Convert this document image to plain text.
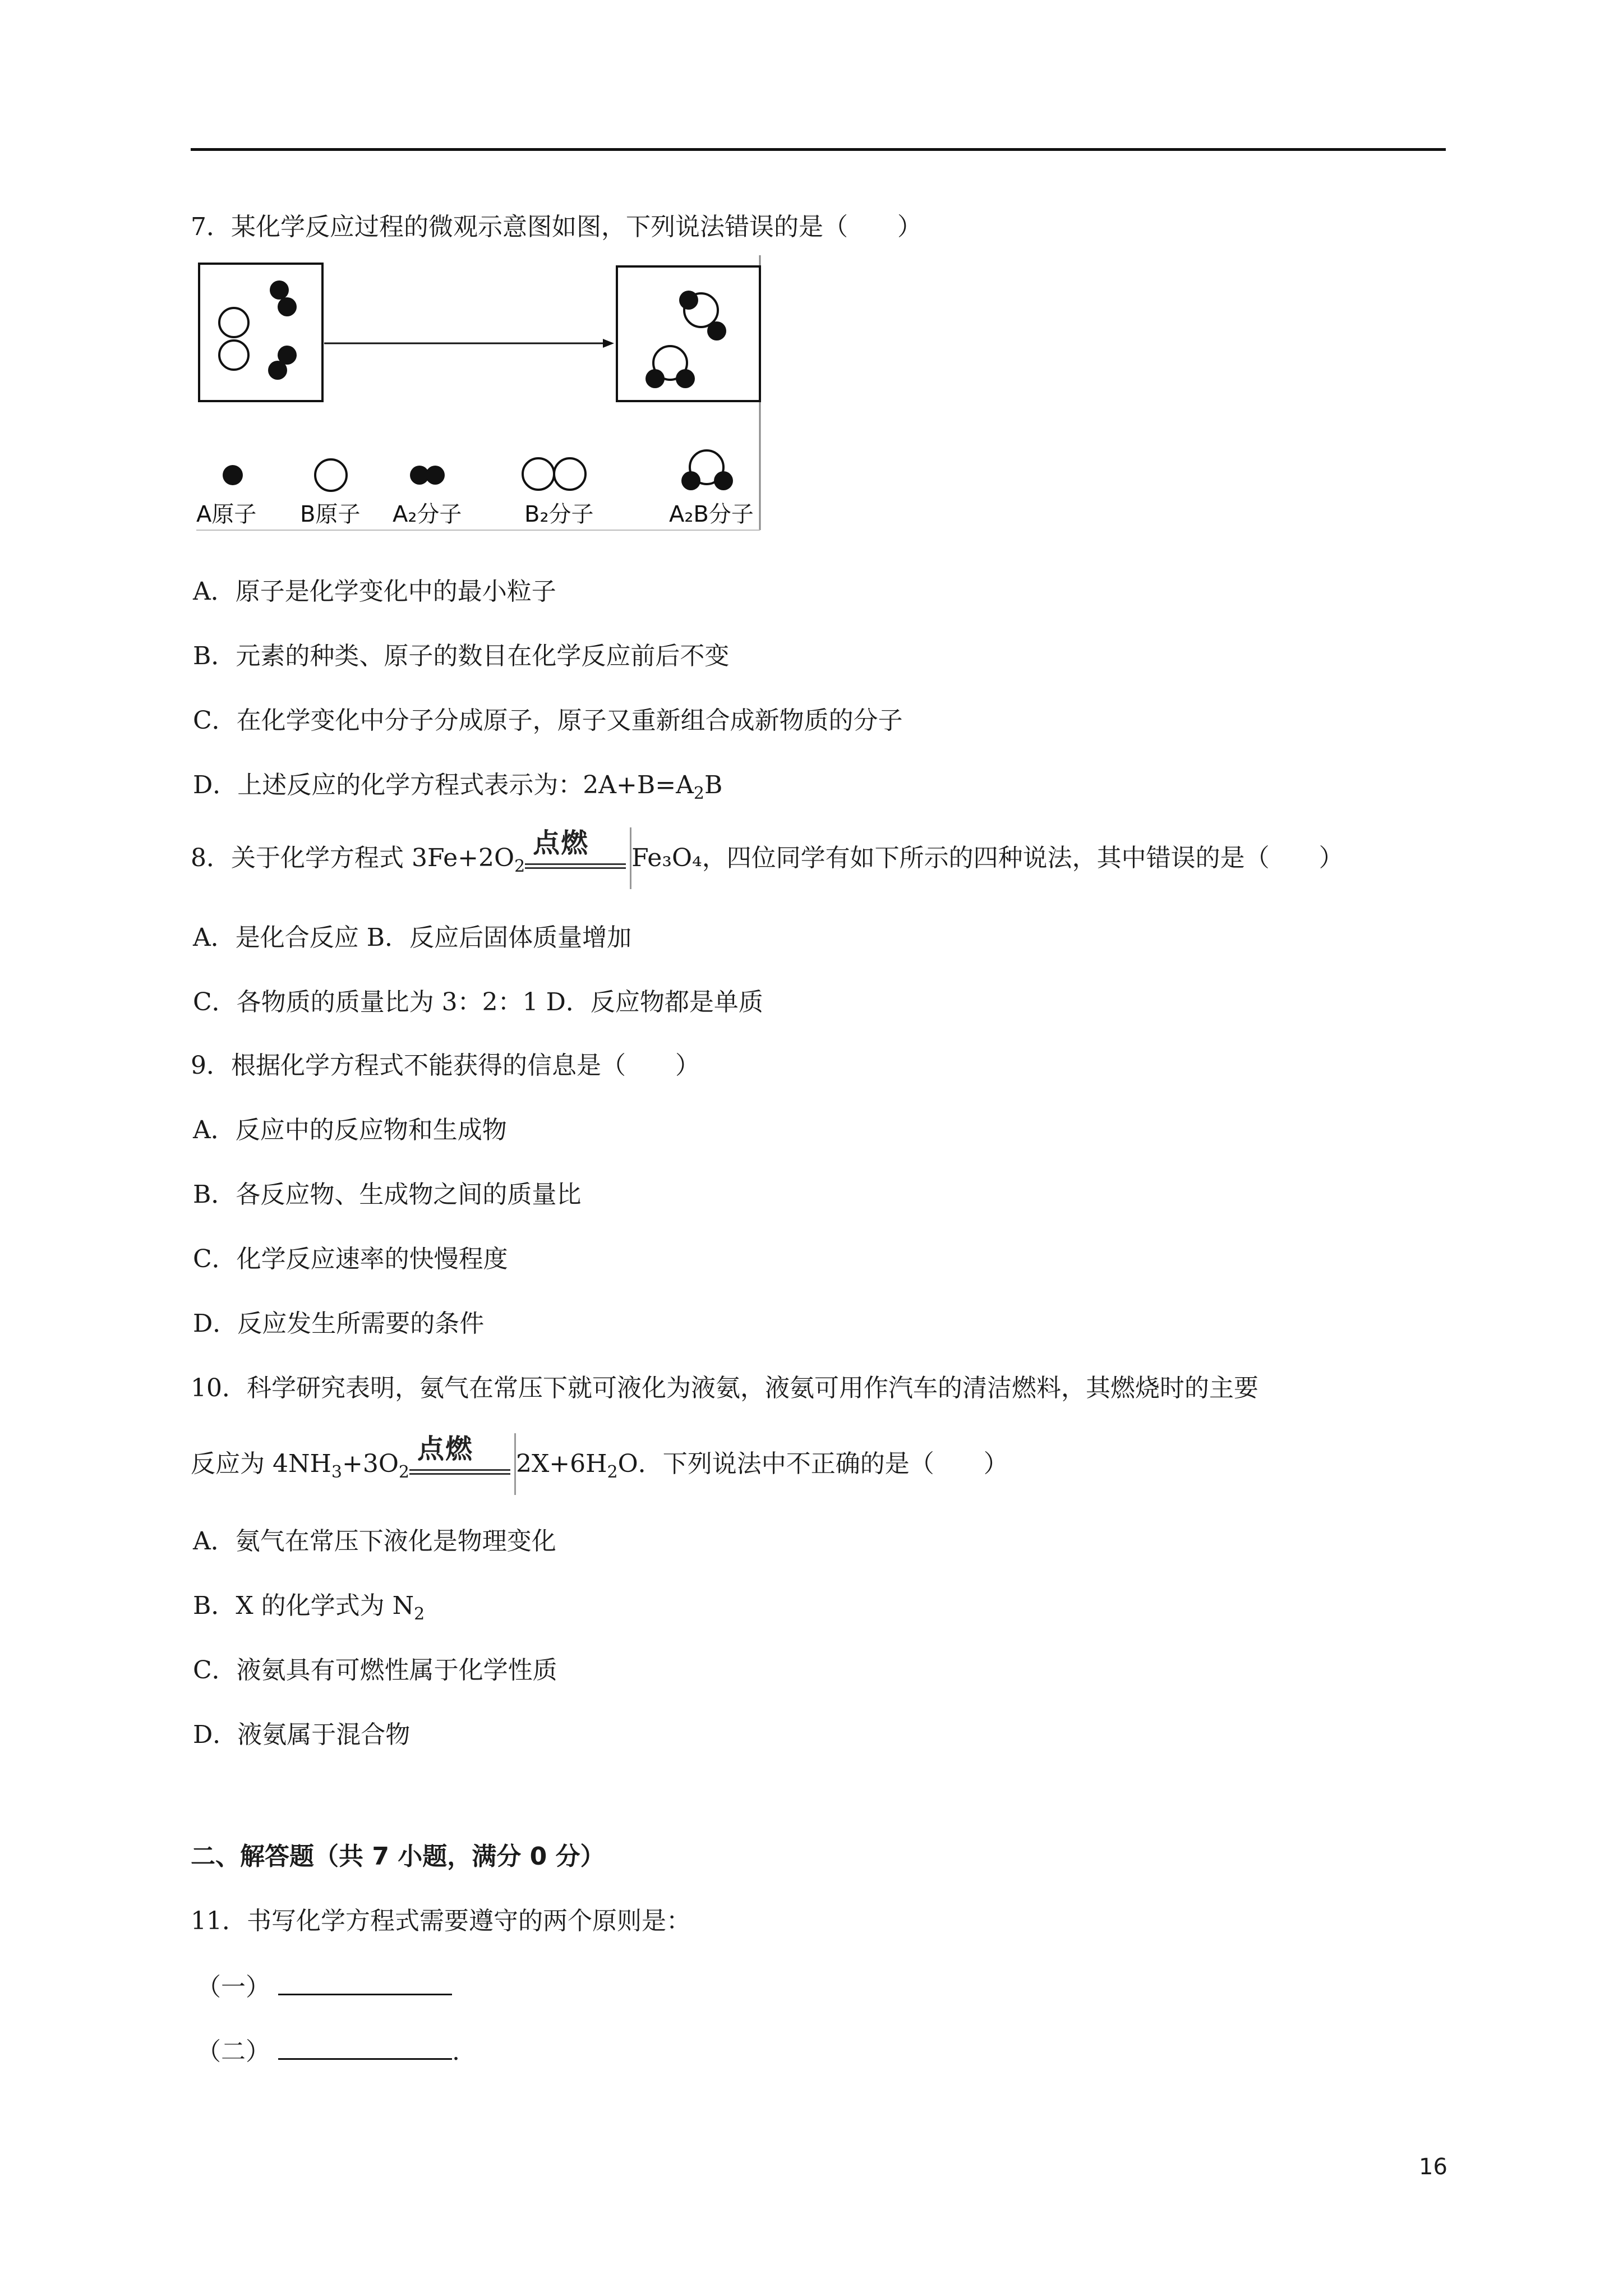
7．某化学反应过程的微观示意图如图，下列说法错误的是（　　）
A原子 B原子 A₂分子	B₂分子	A₂B分子
A．原子是化学变化中的最小粒子
B．元素的种类、原子的数目在化学反应前后不变
C．在化学变化中分子分成原子，原子又重新组合成新物质的分子
D．上述反应的化学方程式表示为：$2A+B=A_2B$
8．关于化学方程式 $3Fe+2O_2$
点燃 Fe₃O₄，四位同学有如下所示的四种说法，其中错误的是（　　）
A．是化合反应 B．反应后固体质量增加
C．各物质的质量比为 3：2：1 D．反应物都是单质
9．根据化学方程式不能获得的信息是（　　）
A．反应中的反应物和生成物
B．各反应物、生成物之间的质量比
C．化学反应速率的快慢程度
D．反应发生所需要的条件
10．科学研究表明，氨气在常压下就可液化为液氨，液氨可用作汽车的清洁燃料，其燃烧时的主要
反应为 $4NH_3+3O_2$
点燃 $2X+6H_2O$．下列说法中不正确的是（　　）
A．氨气在常压下液化是物理变化
B．X 的化学式为 $N_2$
C．液氨具有可燃性属于化学性质
D．液氨属于混合物
二、解答题（共 7 小题，满分 0 分）
11．书写化学方程式需要遵守的两个原则是：
（一）
（二）	.
16
